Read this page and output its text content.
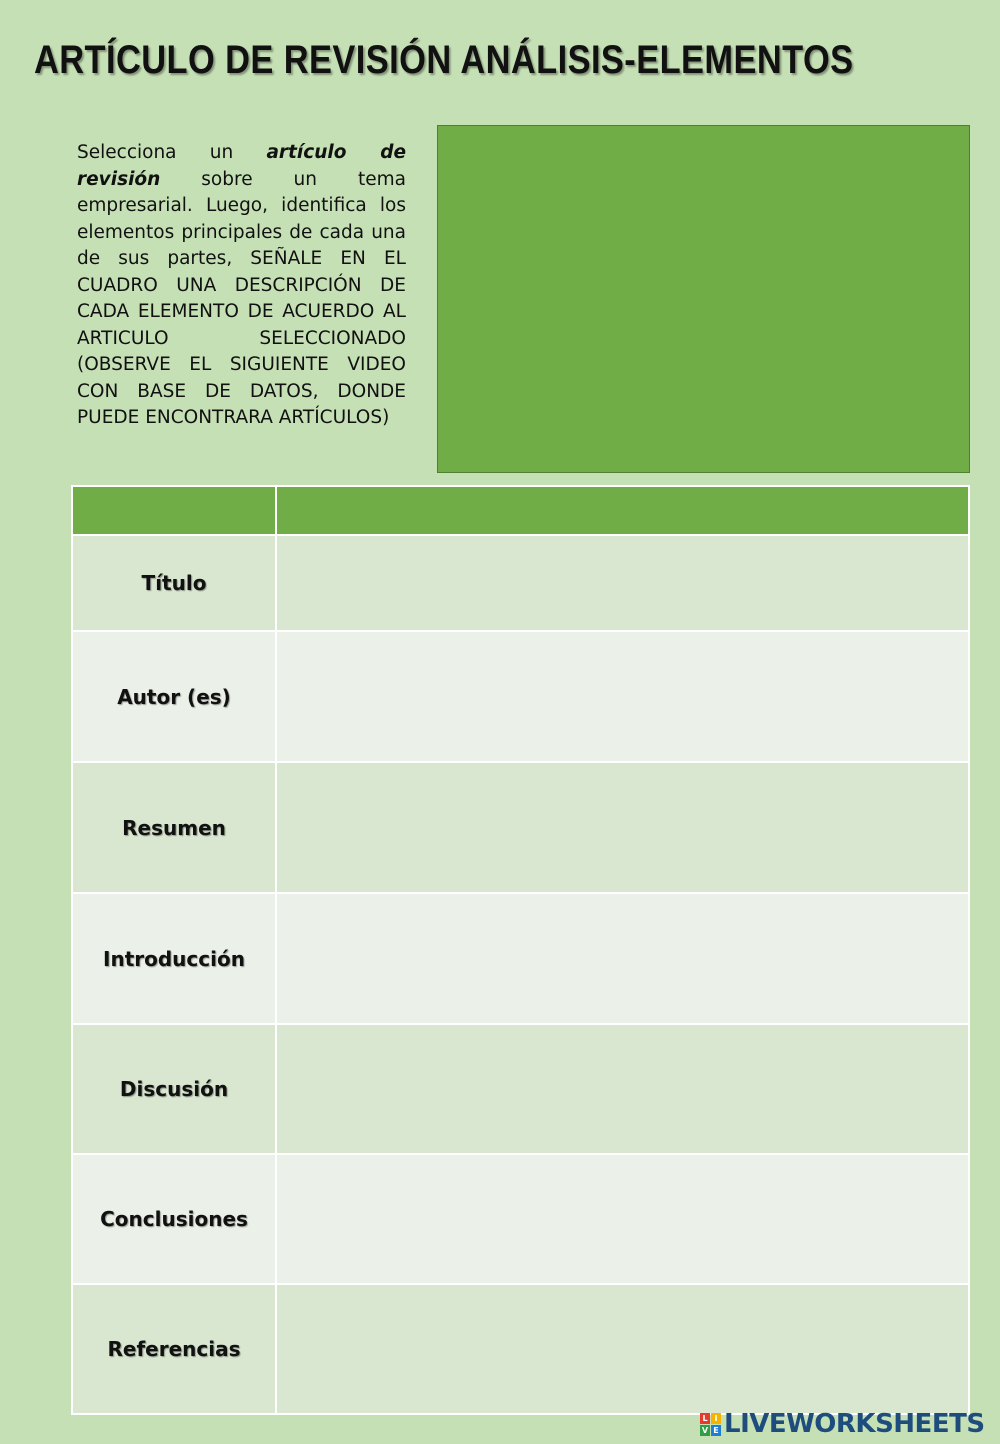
ARTÍCULO DE REVISIÓN ANÁLISIS-ELEMENTOS
Selecciona un artículo de revisión sobre un tema empresarial. Luego, identifica los elementos principales de cada una de sus partes, SEÑALE EN EL CUADRO UNA DESCRIPCIÓN DE CADA ELEMENTO DE ACUERDO AL ARTICULO SELECCIONADO (OBSERVE EL SIGUIENTE VIDEO CON BASE DE DATOS, DONDE PUEDE ENCONTRARA ARTÍCULOS)

Título	
Autor (es)	
Resumen	
Introducción	
Discusión	
Conclusiones	
Referencias	
L I
V E LIVEWORKSHEETS
